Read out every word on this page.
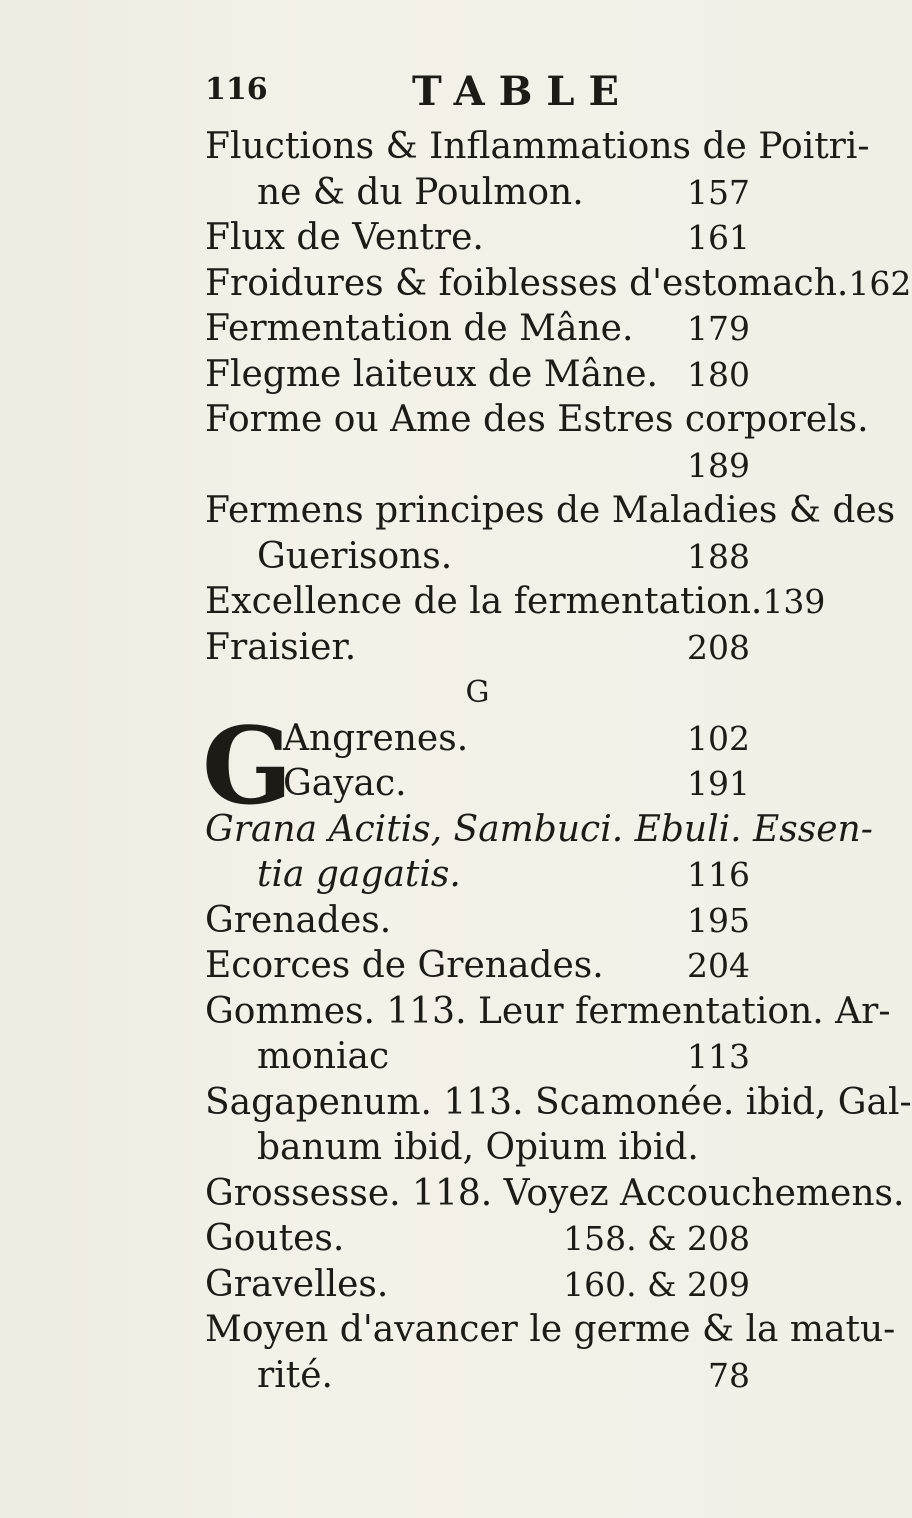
116	TABLE
Fluctions & Inflammations de Poitri-
ne & du Poulmon.	157
Flux de Ventre.	161
Froidures & foiblesses d'estomach. 162
Fermentation de Mâne. 179
Flegme laiteux de Mâne. 180
Forme ou Ame des Estres corporels.
189
Fermens principes de Maladies & des
Guerisons.	188
Excellence de la fermentation. 139
Fraisier.	208
G
G
Angrenes.	102
Gayac.	191
Grana Acitis, Sambuci. Ebuli. Essen-
tia gagatis.	116
Grenades.	195
Ecorces de Grenades.	204
Gommes. 113. Leur fermentation. Ar-
moniac	113
Sagapenum. 113. Scamonée. ibid, Gal-
banum ibid, Opium ibid.
Grossesse. 118. Voyez Accouchemens.
Goutes.	158. & 208
Gravelles.	160. & 209
Moyen d'avancer le germe & la matu-
rité.	78
